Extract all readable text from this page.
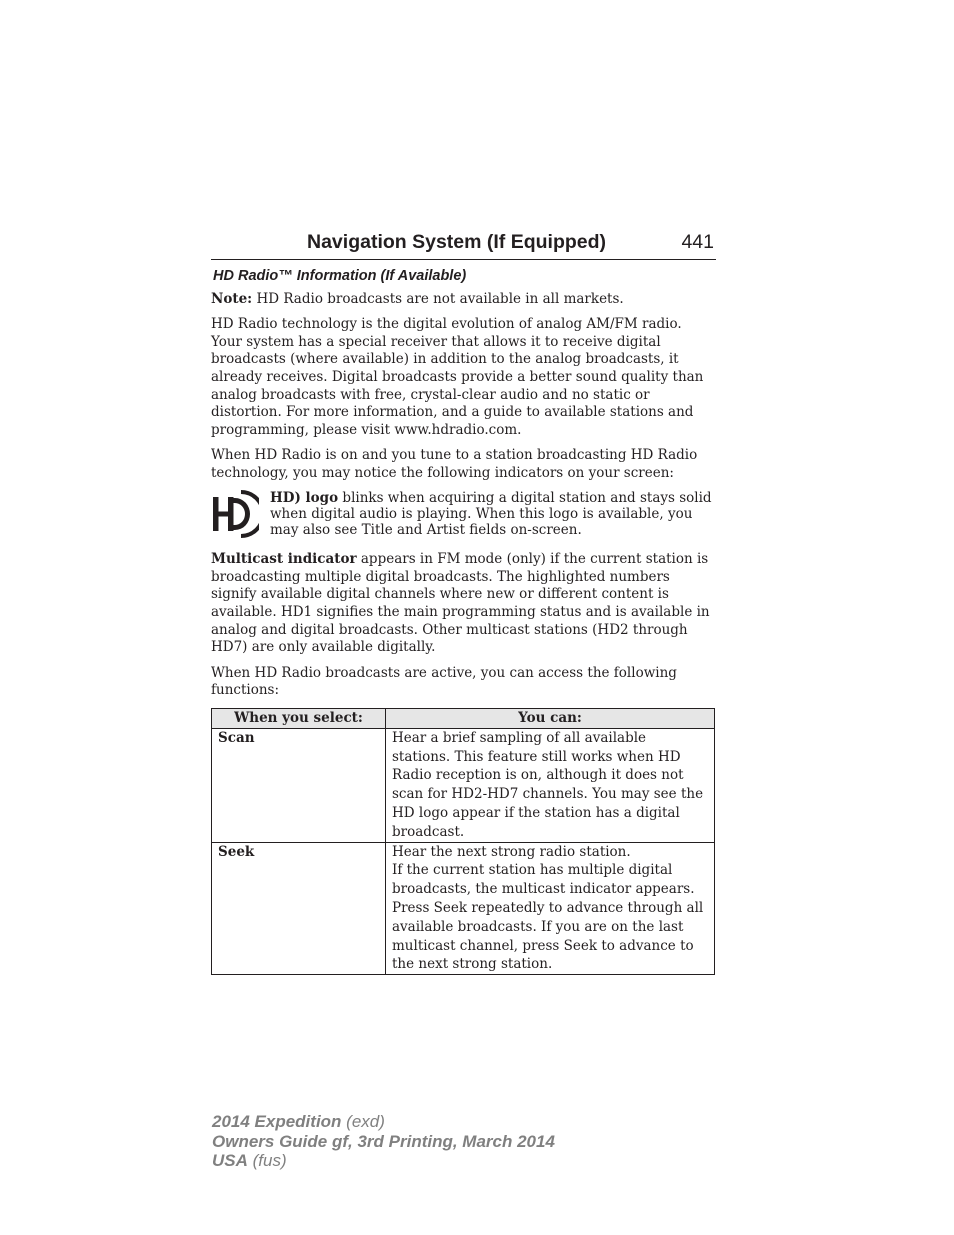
Navigation System (If Equipped)	441
HD Radio™ Information (If Available)

Note: HD Radio broadcasts are not available in all markets.

HD Radio technology is the digital evolution of analog AM/FM radio. Your system has a special receiver that allows it to receive digital broadcasts (where available) in addition to the analog broadcasts, it already receives. Digital broadcasts provide a better sound quality than analog broadcasts with free, crystal-clear audio and no static or distortion. For more information, and a guide to available stations and programming, please visit www.hdradio.com.

When HD Radio is on and you tune to a station broadcasting HD Radio technology, you may notice the following indicators on your screen:

HD) logo blinks when acquiring a digital station and stays solid when digital audio is playing. When this logo is available, you may also see Title and Artist fields on-screen.

Multicast indicator appears in FM mode (only) if the current station is broadcasting multiple digital broadcasts. The highlighted numbers signify available digital channels where new or different content is available. HD1 signifies the main programming status and is available in analog and digital broadcasts. Other multicast stations (HD2 through HD7) are only available digitally.

When HD Radio broadcasts are active, you can access the following functions:

When you select:	You can:
Scan	Hear a brief sampling of all available stations. This feature still works when HD Radio reception is on, although it does not scan for HD2-HD7 channels. You may see the HD logo appear if the station has a digital broadcast.

Seek	Hear the next strong radio station.
If the current station has multiple digital broadcasts, the multicast indicator appears. Press Seek repeatedly to advance through all available broadcasts. If you are on the last multicast channel, press Seek to advance to the next strong station.
2014 Expedition (exd)
Owners Guide gf, 3rd Printing, March 2014
USA (fus)
